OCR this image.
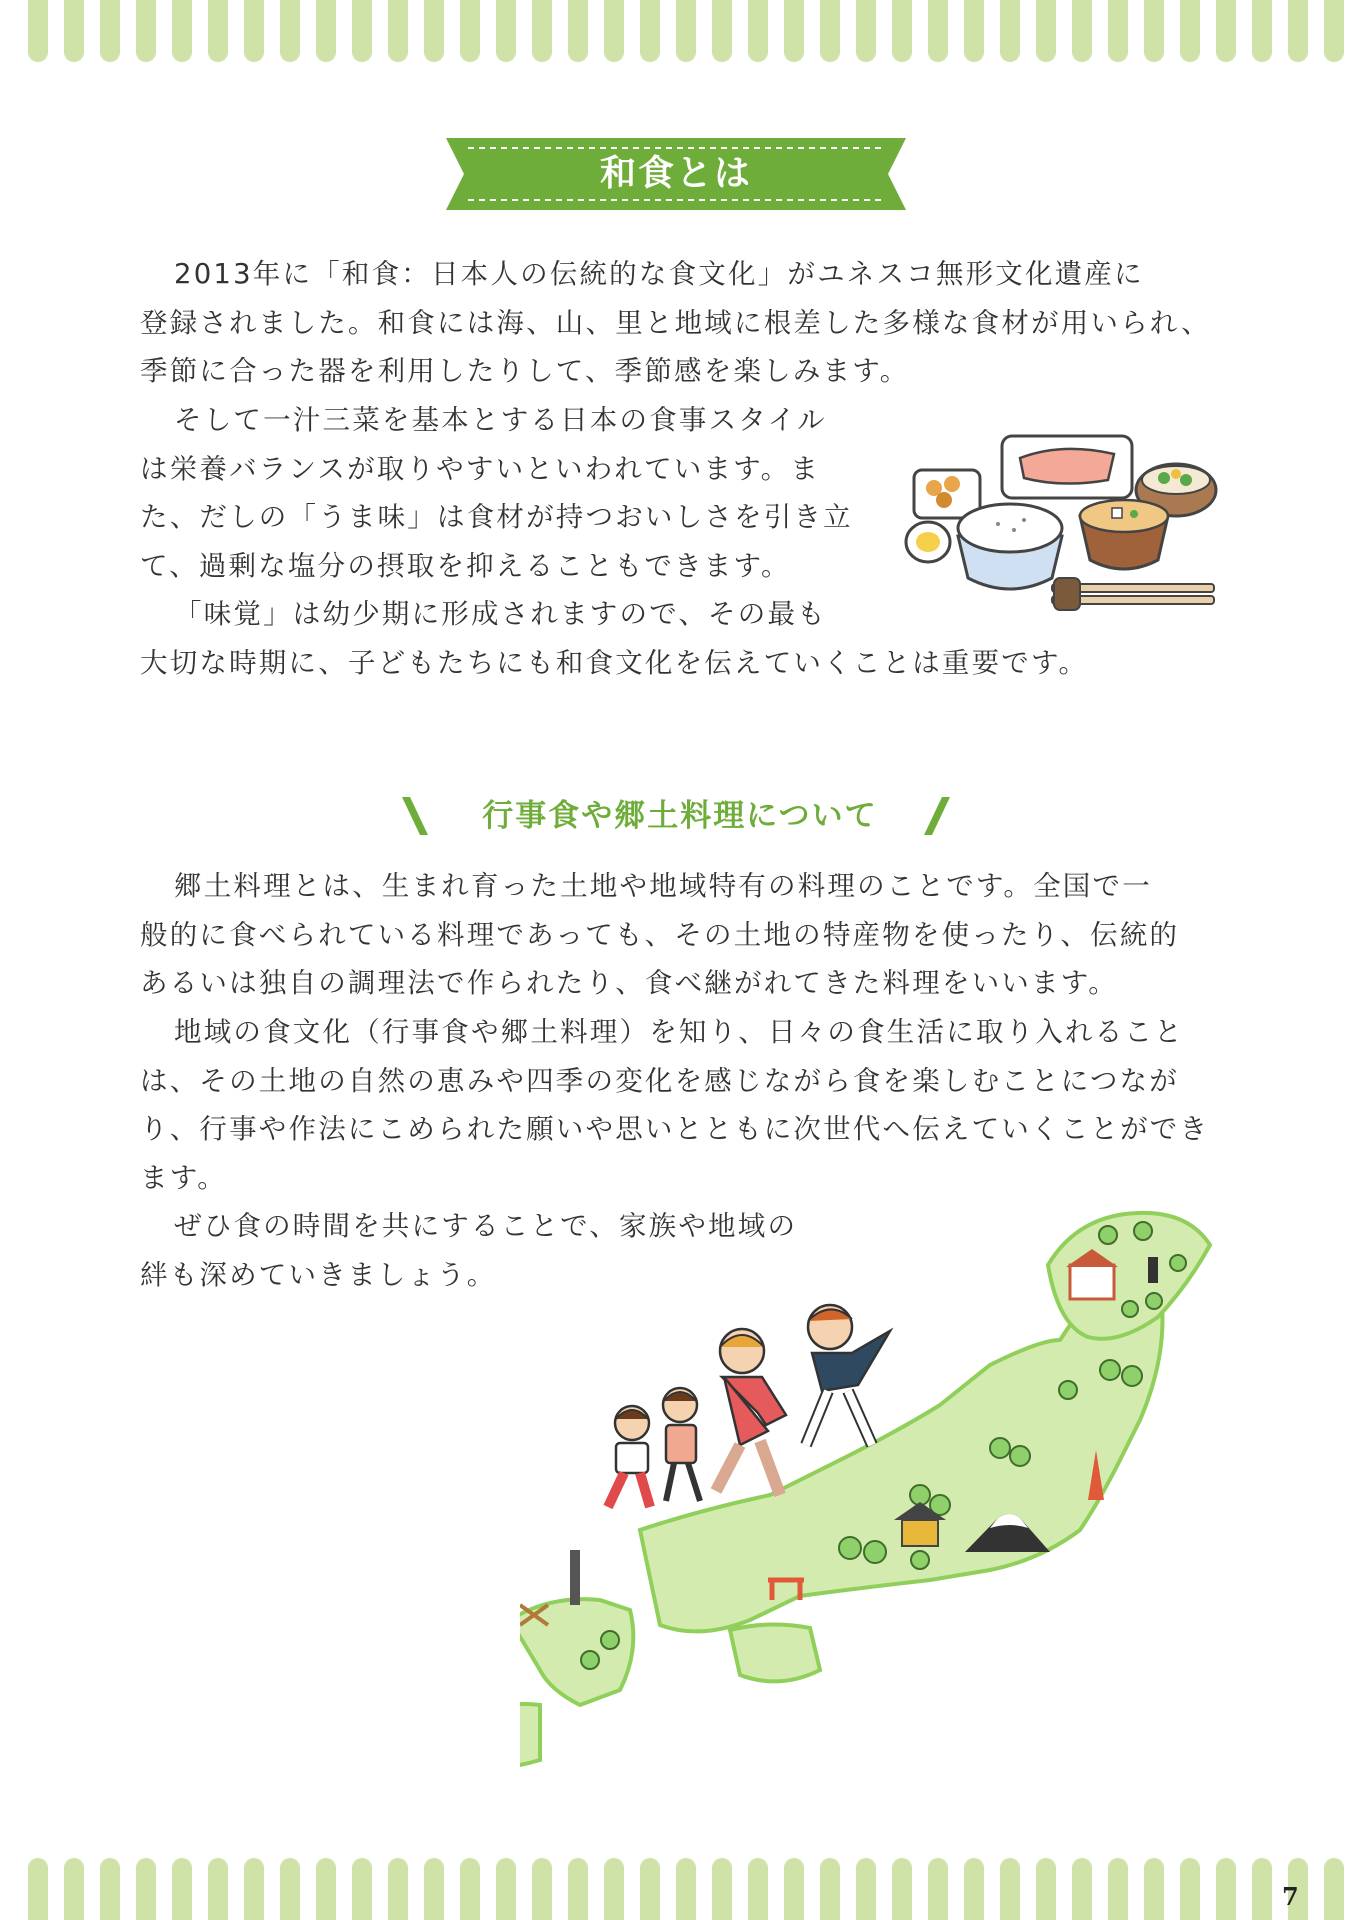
和食とは

2013年に「和食：日本人の伝統的な食文化」がユネスコ無形文化遺産に
登録されました。和食には海、山、里と地域に根差した多様な食材が用いられ、
季節に合った器を利用したりして、季節感を楽しみます。

そして一汁三菜を基本とする日本の食事スタイル
は栄養バランスが取りやすいといわれています。ま
た、だしの「うま味」は食材が持つおいしさを引き立
て、過剰な塩分の摂取を抑えることもできます。

「味覚」は幼少期に形成されますので、その最も
大切な時期に、子どもたちにも和食文化を伝えていくことは重要です。

行事食や郷土料理について

郷土料理とは、生まれ育った土地や地域特有の料理のことです。全国で一
般的に食べられている料理であっても、その土地の特産物を使ったり、伝統的
あるいは独自の調理法で作られたり、食べ継がれてきた料理をいいます。

地域の食文化（行事食や郷土料理）を知り、日々の食生活に取り入れること
は、その土地の自然の恵みや四季の変化を感じながら食を楽しむことにつなが
り、行事や作法にこめられた願いや思いとともに次世代へ伝えていくことができ
ます。

ぜひ食の時間を共にすることで、家族や地域の
絆も深めていきましょう。

7
